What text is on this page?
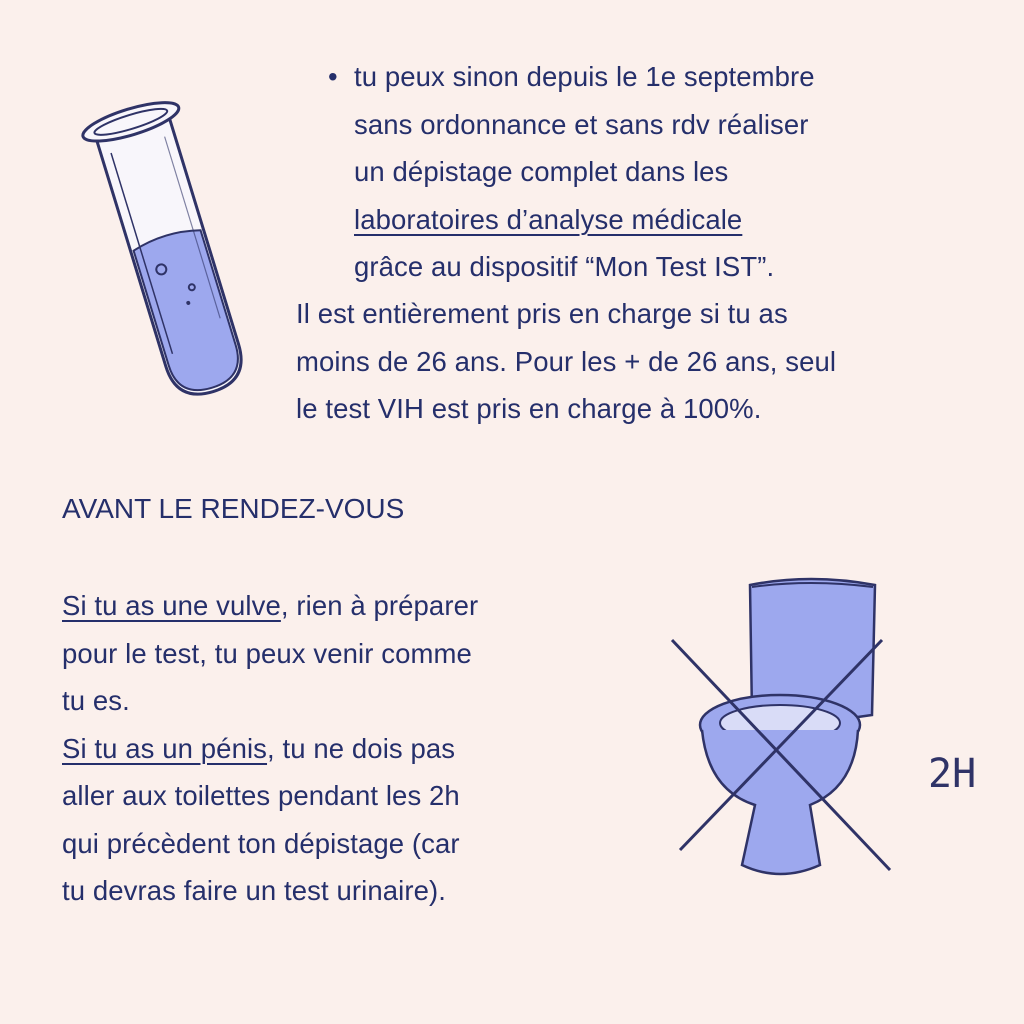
• tu peux sinon depuis le 1e septembre
sans ordonnance et sans rdv réaliser
un dépistage complet dans les
laboratoires d’analyse médicale
grâce au dispositif “Mon Test IST”.
Il est entièrement pris en charge si tu as
moins de 26 ans. Pour les + de 26 ans, seul
le test VIH est pris en charge à 100%.
AVANT LE RENDEZ-VOUS
Si tu as une vulve, rien à préparer
pour le test, tu peux venir comme
tu es.
Si tu as un pénis, tu ne dois pas
aller aux toilettes pendant les 2h
qui précèdent ton dépistage (car
tu devras faire un test urinaire).
2H
